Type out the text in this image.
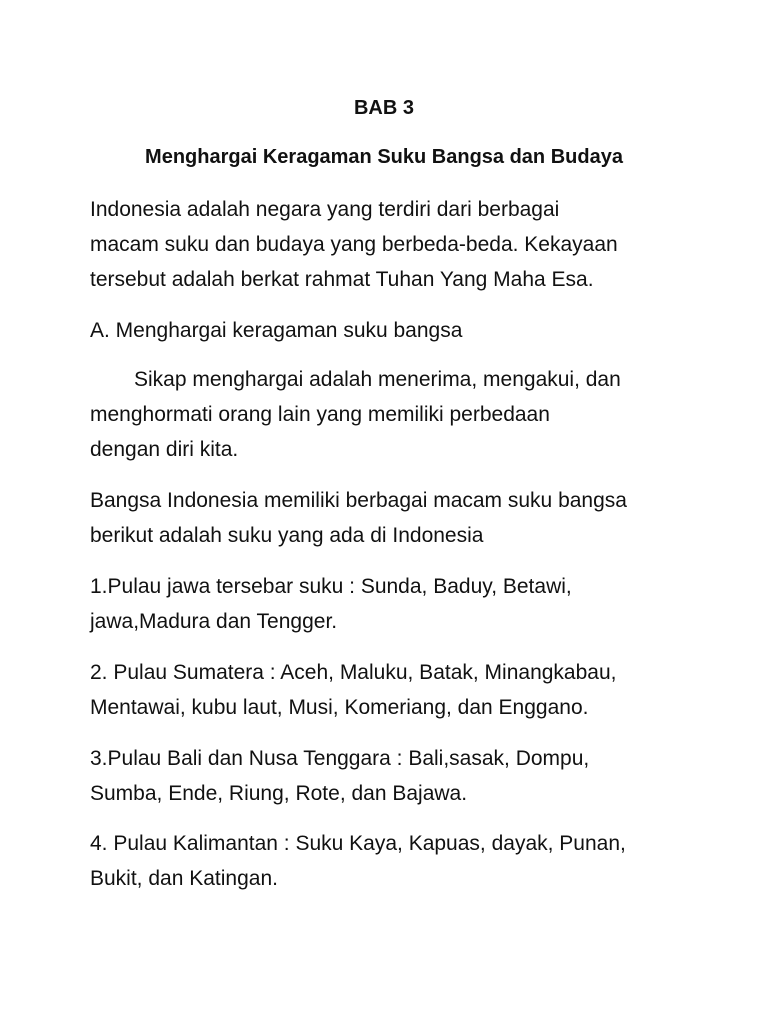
BAB 3
Menghargai Keragaman Suku Bangsa dan Budaya

Indonesia adalah negara yang terdiri dari berbagai
macam suku dan budaya yang berbeda-beda. Kekayaan
tersebut adalah berkat rahmat Tuhan Yang Maha Esa.

A. Menghargai keragaman suku bangsa

Sikap menghargai adalah menerima, mengakui, dan
menghormati orang lain yang memiliki perbedaan
dengan diri kita.

Bangsa Indonesia memiliki berbagai macam suku bangsa
berikut adalah suku yang ada di Indonesia

1.Pulau jawa tersebar suku : Sunda, Baduy, Betawi,
jawa,Madura dan Tengger.

2. Pulau Sumatera : Aceh, Maluku, Batak, Minangkabau,
Mentawai, kubu laut, Musi, Komeriang, dan Enggano.

3.Pulau Bali dan Nusa Tenggara : Bali,sasak, Dompu,
Sumba, Ende, Riung, Rote, dan Bajawa.

4. Pulau Kalimantan : Suku Kaya, Kapuas, dayak, Punan,
Bukit, dan Katingan.
